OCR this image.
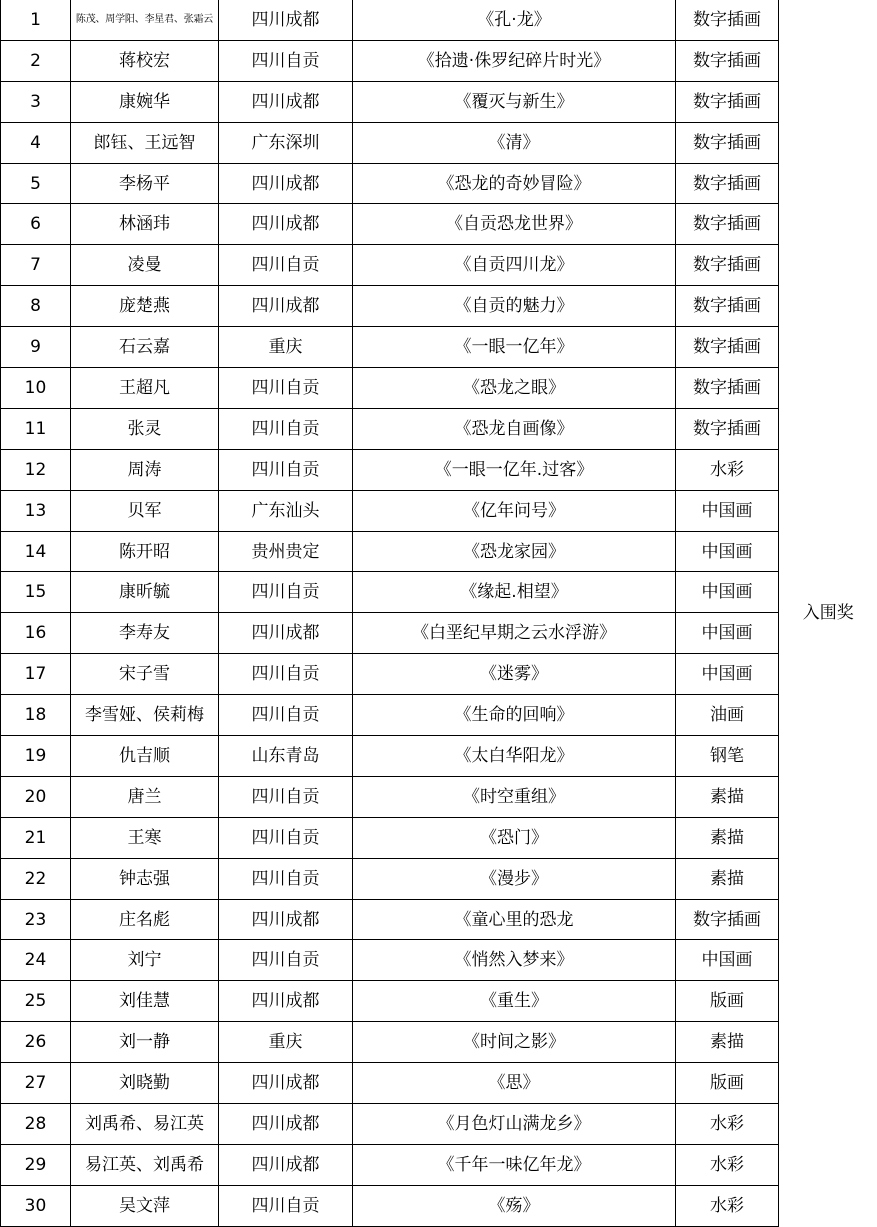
1	陈茂、周学阳、李星君、张霜云	四川成都	《孔·龙》	数字插画	入围奖
2	蒋校宏	四川自贡	《拾遗·侏罗纪碎片时光》	数字插画	
3	康婉华	四川成都	《覆灭与新生》	数字插画	
4	郎钰、王远智	广东深圳	《清》	数字插画	
5	李杨平	四川成都	《恐龙的奇妙冒险》	数字插画	
6	林涵玮	四川成都	《自贡恐龙世界》	数字插画	
7	凌曼	四川自贡	《自贡四川龙》	数字插画	
8	庞楚燕	四川成都	《自贡的魅力》	数字插画	
9	石云嘉	重庆	《一眼一亿年》	数字插画	
10	王超凡	四川自贡	《恐龙之眼》	数字插画	
11	张灵	四川自贡	《恐龙自画像》	数字插画	
12	周涛	四川自贡	《一眼一亿年.过客》	水彩	
13	贝军	广东汕头	《亿年问号》	中国画	
14	陈开昭	贵州贵定	《恐龙家园》	中国画	
15	康昕毓	四川自贡	《缘起.相望》	中国画	
16	李寿友	四川成都	《白垩纪早期之云水浮游》	中国画	
17	宋子雪	四川自贡	《迷雾》	中国画	
18	李雪娅、侯莉梅	四川自贡	《生命的回响》	油画	
19	仇吉顺	山东青岛	《太白华阳龙》	钢笔	
20	唐兰	四川自贡	《时空重组》	素描	
21	王寒	四川自贡	《恐门》	素描	
22	钟志强	四川自贡	《漫步》	素描	
23	庄名彪	四川成都	《童心里的恐龙	数字插画	
24	刘宁	四川自贡	《悄然入梦来》	中国画	
25	刘佳慧	四川成都	《重生》	版画	
26	刘一静	重庆	《时间之影》	素描	
27	刘晓勤	四川成都	《思》	版画	
28	刘禹希、易江英	四川成都	《月色灯山满龙乡》	水彩	
29	易江英、刘禹希	四川成都	《千年一味亿年龙》	水彩	
30	吴文萍	四川自贡	《殇》	水彩	
